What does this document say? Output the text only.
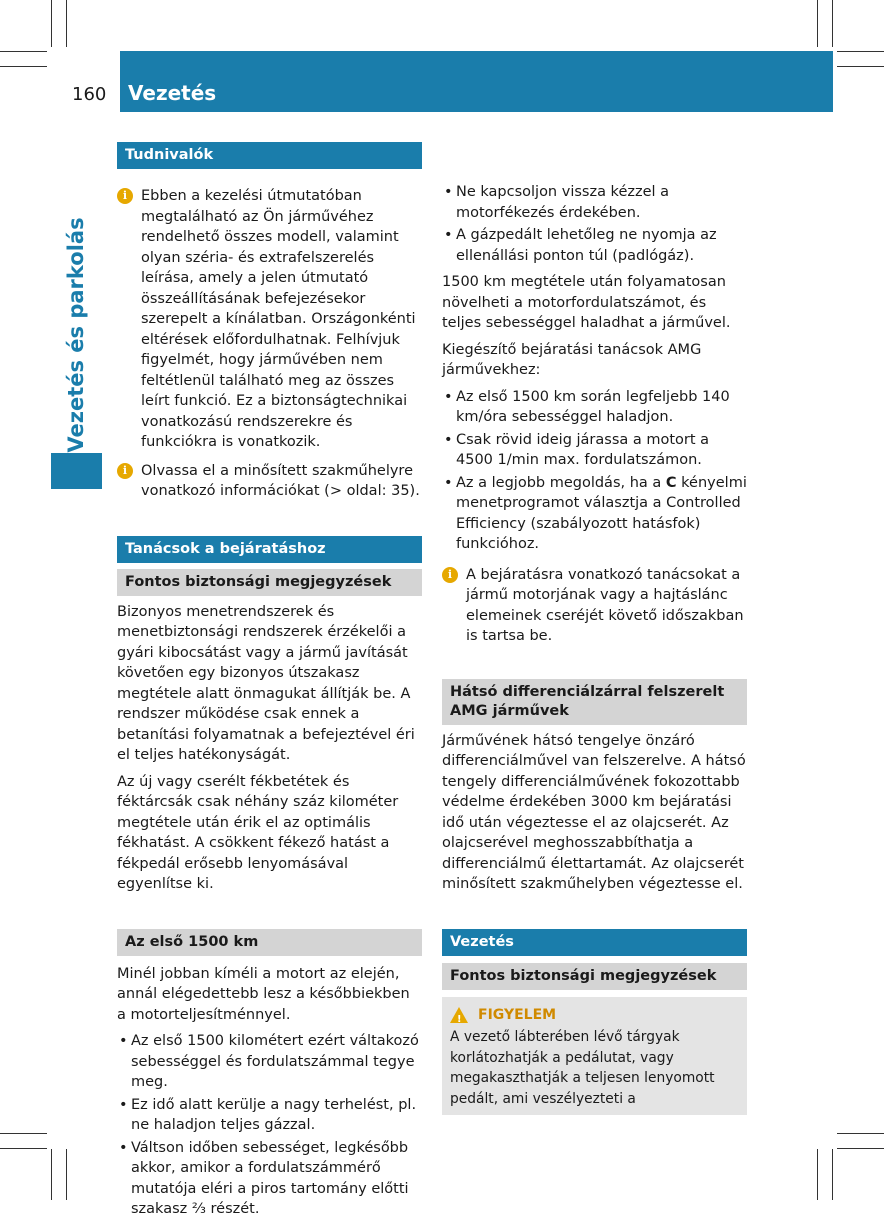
160 Vezetés
Vezetés és parkolás
Tudnivalók
i Ebben a kezelési útmutatóban megtalálható az Ön járművéhez rendelhető összes modell, valamint olyan széria- és extrafelszerelés leírása, amely a jelen útmutató összeállításának befejezésekor szerepelt a kínálatban. Országonkénti eltérések előfordulhatnak. Felhívjuk figyelmét, hogy járművében nem feltétlenül található meg az összes leírt funkció. Ez a biztonságtechnikai vonatkozású rendszerekre és funkciókra is vonatkozik.
i Olvassa el a minősített szakműhelyre vonatkozó információkat (> oldal: 35).
Tanácsok a bejáratáshoz
Fontos biztonsági megjegyzések

Bizonyos menetrendszerek és menetbiztonsági rendszerek érzékelői a gyári kibocsátást vagy a jármű javítását követően egy bizonyos útszakasz megtétele alatt önmagukat állítják be. A rendszer működése csak ennek a betanítási folyamatnak a befejeztével éri el teljes hatékonyságát.

Az új vagy cserélt fékbetétek és féktárcsák csak néhány száz kilométer megtétele után érik el az optimális fékhatást. A csökkent fékező hatást a fékpedál erősebb lenyomásával egyenlítse ki.

Az első 1500 km

Minél jobban kíméli a motort az elején, annál elégedettebb lesz a későbbiekben a motorteljesítménnyel.

• Az első 1500 kilométert ezért váltakozó sebességgel és fordulatszámmal tegye meg.
• Ez idő alatt kerülje a nagy terhelést, pl. ne haladjon teljes gázzal.
• Váltson időben sebességet, legkésőbb akkor, amikor a fordulatszámmérő mutatója eléri a piros tartomány előtti szakasz ⅔ részét.
• Ne kapcsoljon vissza kézzel a motorfékezés érdekében.
• A gázpedált lehetőleg ne nyomja az ellenállási ponton túl (padlógáz).

1500 km megtétele után folyamatosan növelheti a motorfordulatszámot, és teljes sebességgel haladhat a járművel.

Kiegészítő bejáratási tanácsok AMG járművekhez:

• Az első 1500 km során legfeljebb 140 km/óra sebességgel haladjon.
• Csak rövid ideig járassa a motort a 4500 1/min max. fordulatszámon.
• Az a legjobb megoldás, ha a C kényelmi menetprogramot választja a Controlled Efficiency (szabályozott hatásfok) funkcióhoz.
i A bejáratásra vonatkozó tanácsokat a jármű motorjának vagy a hajtáslánc elemeinek cseréjét követő időszakban is tartsa be.
Hátsó differenciálzárral felszerelt AMG járművek

Járművének hátsó tengelye önzáró differenciálművel van felszerelve. A hátsó tengely differenciálművének fokozottabb védelme érdekében 3000 km bejáratási idő után végeztesse el az olajcserét. Az olajcserével meghosszabbíthatja a differenciálmű élettartamát. Az olajcserét minősített szakműhelyben végeztesse el.

Vezetés
Fontos biztonsági megjegyzések
! FIGYELEM
A vezető lábterében lévő tárgyak korlátozhatják a pedálutat, vagy megakaszthatják a teljesen lenyomott pedált, ami veszélyezteti a
